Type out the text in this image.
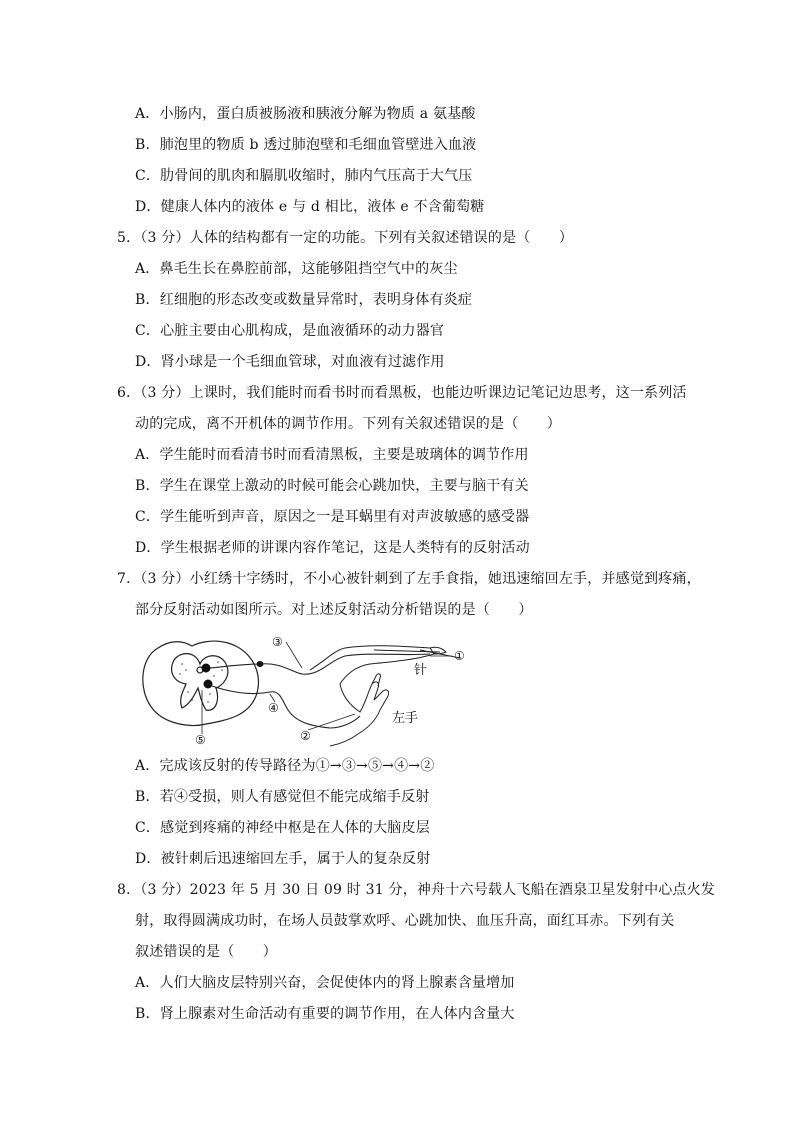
A．小肠内，蛋白质被肠液和胰液分解为物质 a 氨基酸
B．肺泡里的物质 b 透过肺泡壁和毛细血管壁进入血液
C．肋骨间的肌肉和膈肌收缩时，肺内气压高于大气压
D．健康人体内的液体 e 与 d 相比，液体 e 不含葡萄糖
5．（3 分）人体的结构都有一定的功能。下列有关叙述错误的是（　　）
A．鼻毛生长在鼻腔前部，这能够阻挡空气中的灰尘
B．红细胞的形态改变或数量异常时，表明身体有炎症
C．心脏主要由心肌构成，是血液循环的动力器官
D．肾小球是一个毛细血管球，对血液有过滤作用
6．（3 分）上课时，我们能时而看书时而看黑板，也能边听课边记笔记边思考，这一系列活
动的完成，离不开机体的调节作用。下列有关叙述错误的是（　　）
A．学生能时而看清书时而看清黑板，主要是玻璃体的调节作用
B．学生在课堂上激动的时候可能会心跳加快，主要与脑干有关
C．学生能听到声音，原因之一是耳蜗里有对声波敏感的感受器
D．学生根据老师的讲课内容作笔记，这是人类特有的反射活动
7．（3 分）小红绣十字绣时，不小心被针刺到了左手食指，她迅速缩回左手，并感觉到疼痛，
部分反射活动如图所示。对上述反射活动分析错误的是（　　）
①
③
④
⑤	②
针
左手
A．完成该反射的传导路径为①→③→⑤→④→②
B．若④受损，则人有感觉但不能完成缩手反射
C．感觉到疼痛的神经中枢是在人体的大脑皮层
D．被针刺后迅速缩回左手，属于人的复杂反射
8．（3 分）2023 年 5 月 30 日 09 时 31 分，神舟十六号载人飞船在酒泉卫星发射中心点火发
射，取得圆满成功时，在场人员鼓掌欢呼、心跳加快、血压升高，面红耳赤。下列有关
叙述错误的是（　　）
A．人们大脑皮层特别兴奋，会促使体内的肾上腺素含量增加
B．肾上腺素对生命活动有重要的调节作用，在人体内含量大
